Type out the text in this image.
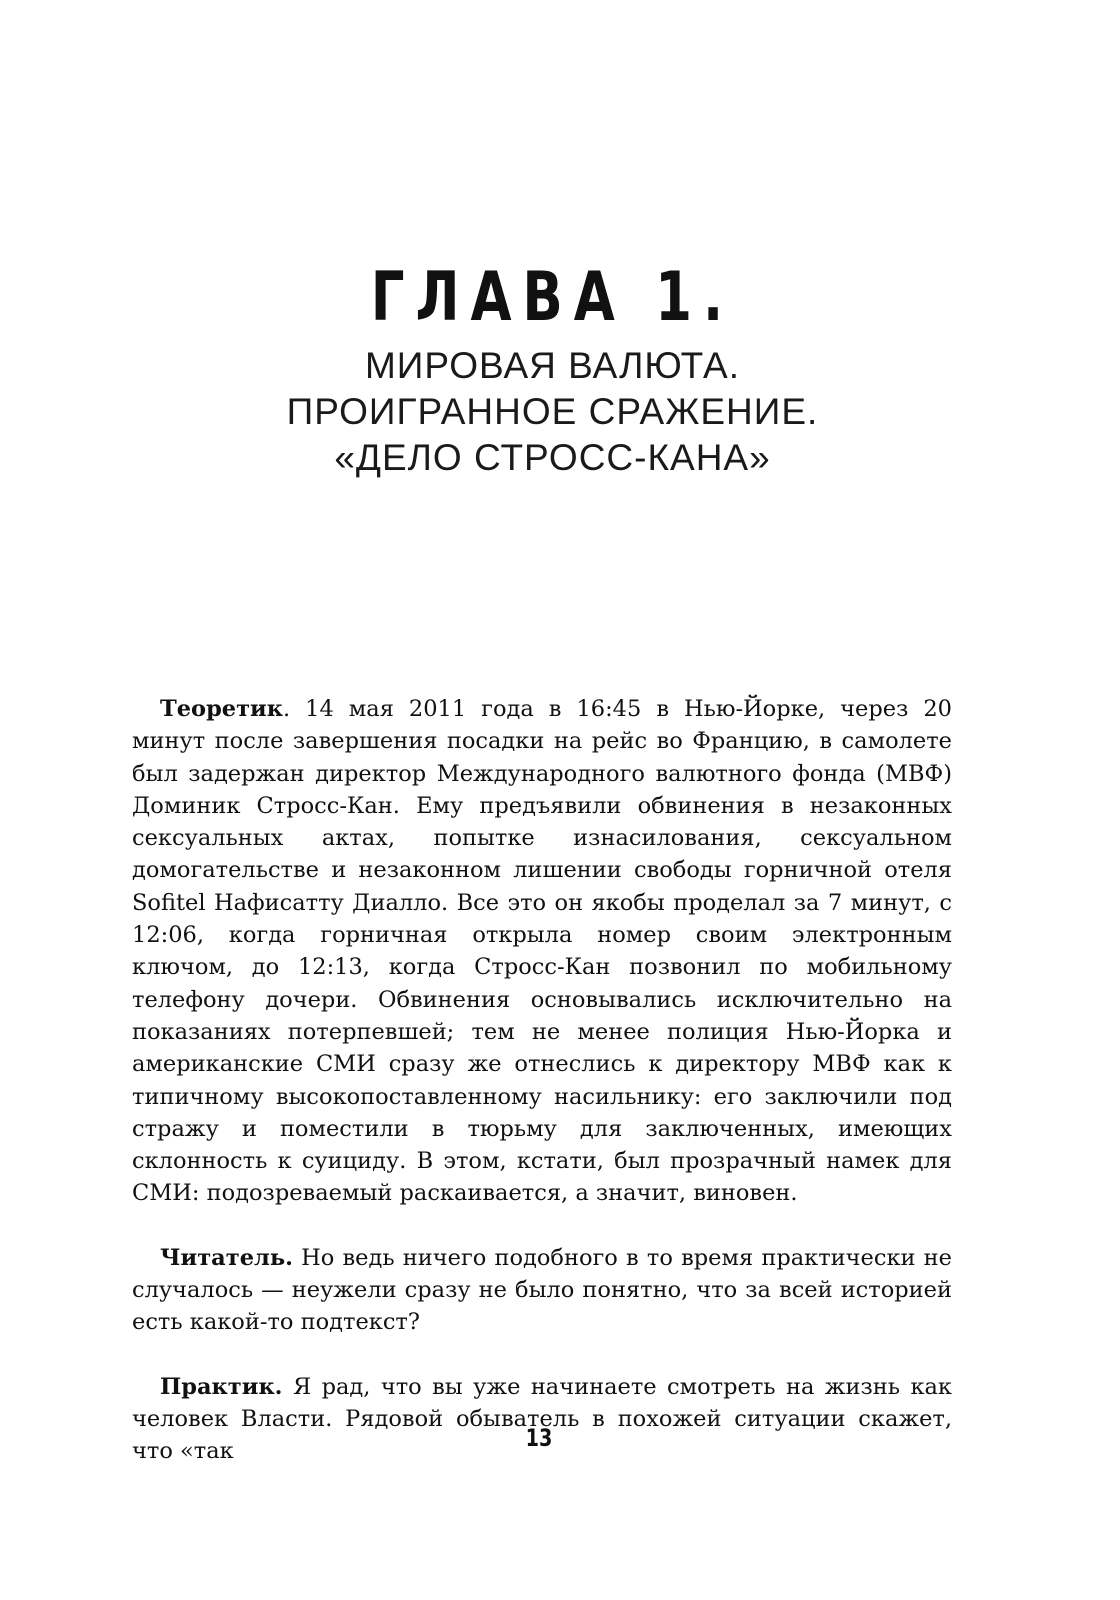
ГЛАВА 1.
МИРОВАЯ ВАЛЮТА.
ПРОИГРАННОЕ СРАЖЕНИЕ.
«ДЕЛО СТРОСС-КАНА»

Теоретик. 14 мая 2011 года в 16:45 в Нью-Йорке, через 20 минут после завершения посадки на рейс во Францию, в самолете был задержан директор Международного валютного фонда (МВФ) Доминик Стросс-Кан. Ему предъявили обвинения в незаконных сексуальных актах, попытке изнасилования, сексуальном домогательстве и незаконном лишении свободы горничной отеля Sofitel Нафисатту Диалло. Все это он якобы проделал за 7 минут, с 12:06, когда горничная открыла номер своим электронным ключом, до 12:13, когда Стросс-Кан позвонил по мобильному телефону дочери. Обвинения основывались исключительно на показаниях потерпевшей; тем не менее полиция Нью-Йорка и американские СМИ сразу же отнеслись к директору МВФ как к типичному высокопоставленному насильнику: его заключили под стражу и поместили в тюрьму для заключенных, имеющих склонность к суициду. В этом, кстати, был прозрачный намек для СМИ: подозреваемый раскаивается, а значит, виновен.

Читатель. Но ведь ничего подобного в то время практически не случалось — неужели сразу не было понятно, что за всей историей есть какой-то подтекст?

Практик. Я рад, что вы уже начинаете смотреть на жизнь как человек Власти. Рядовой обыватель в похожей ситуации скажет, что «так	13
